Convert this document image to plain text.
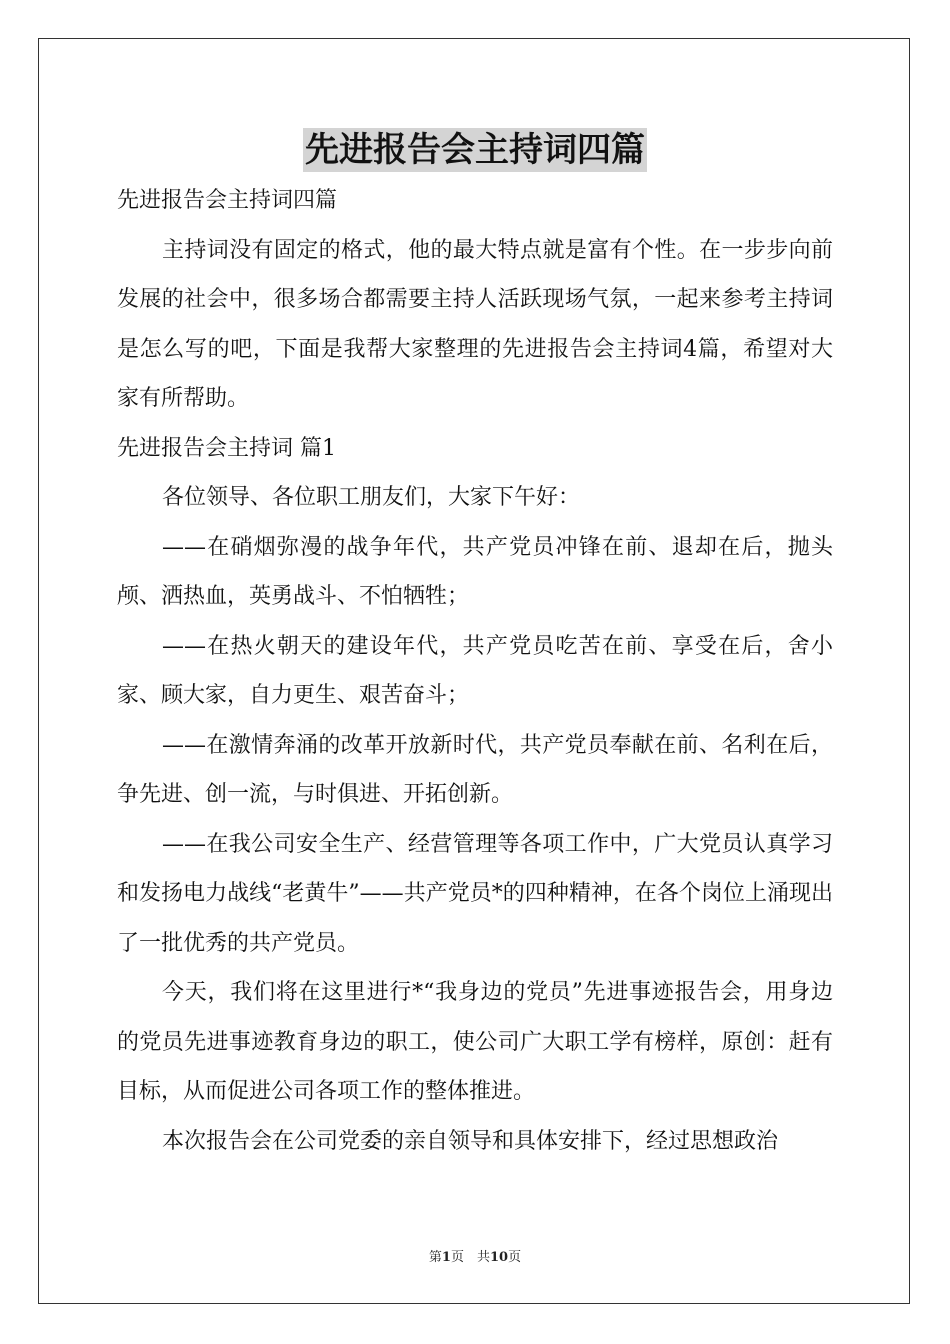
先进报告会主持词四篇

先进报告会主持词四篇

主持词没有固定的格式，他的最大特点就是富有个性。在一步步向前发展的社会中，很多场合都需要主持人活跃现场气氛，一起来参考主持词是怎么写的吧，下面是我帮大家整理的先进报告会主持词4篇，希望对大家有所帮助。

先进报告会主持词 篇1

各位领导、各位职工朋友们，大家下午好：

——在硝烟弥漫的战争年代，共产党员冲锋在前、退却在后，抛头颅、洒热血，英勇战斗、不怕牺牲；

——在热火朝天的建设年代，共产党员吃苦在前、享受在后，舍小家、顾大家，自力更生、艰苦奋斗；

——在激情奔涌的改革开放新时代，共产党员奉献在前、名利在后，争先进、创一流，与时俱进、开拓创新。

——在我公司安全生产、经营管理等各项工作中，广大党员认真学习和发扬电力战线“老黄牛”——共产党员*的四种精神，在各个岗位上涌现出了一批优秀的共产党员。

今天，我们将在这里进行*“我身边的党员”先进事迹报告会，用身边的党员先进事迹教育身边的职工，使公司广大职工学有榜样，原创：赶有目标，从而促进公司各项工作的整体推进。

本次报告会在公司党委的亲自领导和具体安排下，经过思想政治

第1页　共10页
